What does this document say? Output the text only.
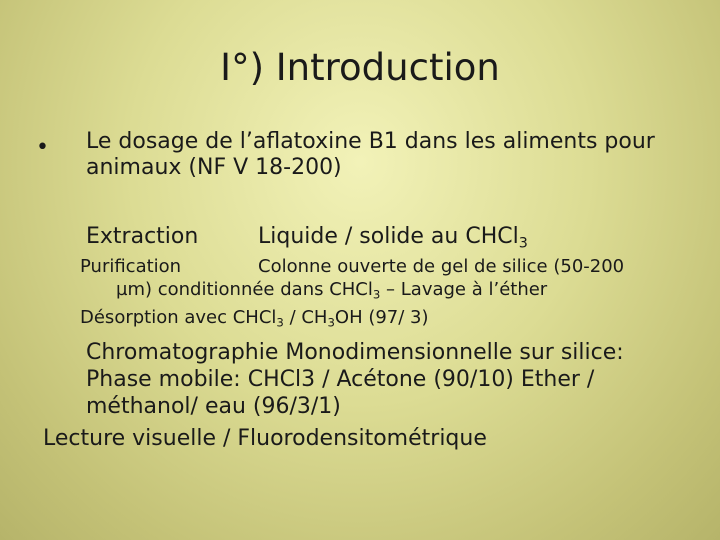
I°) Introduction
• Le dosage de l’aflatoxine B1 dans les aliments pour
animaux (NF V 18-200)
Extraction	Liquide / solide au CHCl$_3$
Purification	Colonne ouverte de gel de silice (50-200
µm) conditionnée dans CHCl$_3$ – Lavage à l’éther
Désorption avec CHCl$_3$ / $CH_3OH$ (97/ 3)
Chromatographie Monodimensionnelle sur silice:
Phase mobile: CHCl3 / Acétone (90/10) Ether /
méthanol/ eau (96/3/1)
Lecture visuelle / Fluorodensitométrique
